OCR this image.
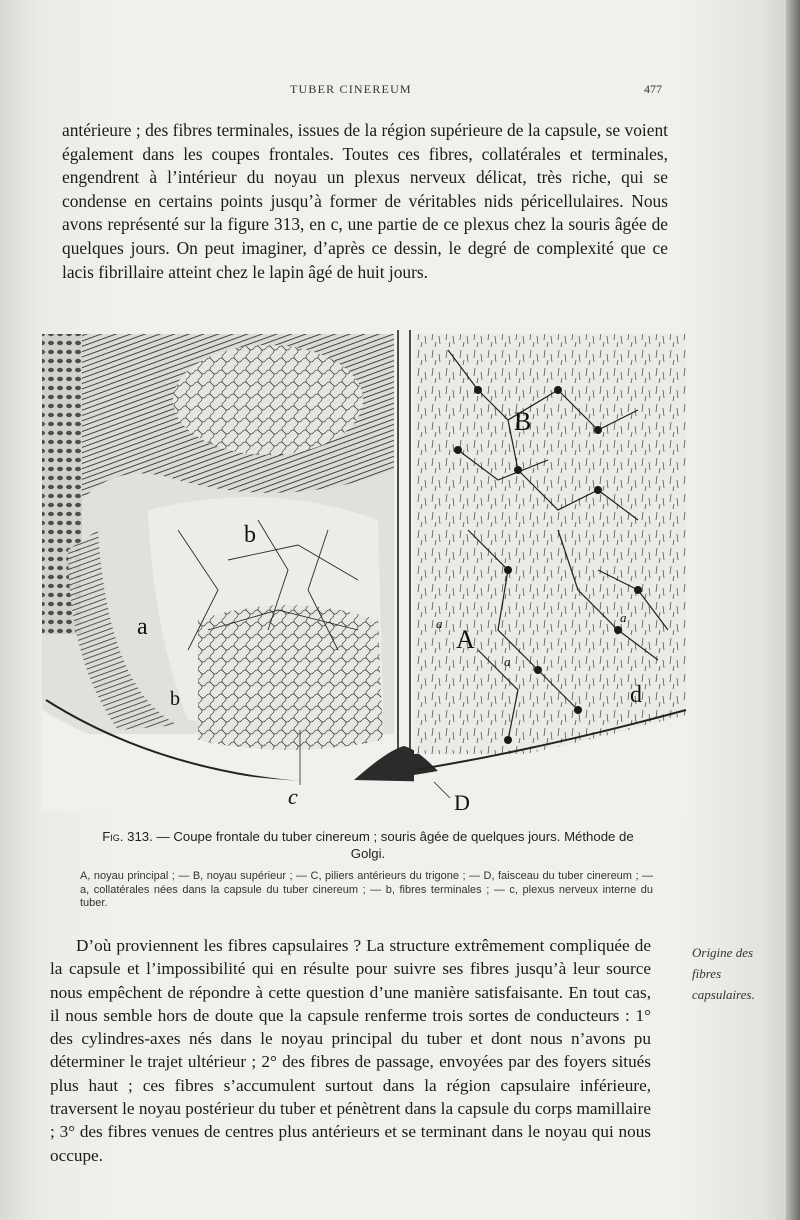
TUBER CINEREUM	477

antérieure ; des fibres terminales, issues de la région supérieure de la capsule, se voient également dans les coupes frontales. Toutes ces fibres, collatérales et terminales, engendrent à l’intérieur du noyau un plexus nerveux délicat, très riche, qui se condense en certains points jusqu’à former de véritables nids péricellulaires. Nous avons représenté sur la figure 313, en c, une partie de ce plexus chez la souris âgée de quelques jours. On peut imaginer, d’après ce dessin, le degré de complexité que ce lacis fibrillaire atteint chez le lapin âgé de huit jours.

B
A
b
a
b
c	D
a	a
a
d
Fig. 313. — Coupe frontale du tuber cinereum ; souris âgée de quelques jours. Méthode de Golgi.

A, noyau principal ; — B, noyau supérieur ; — C, piliers antérieurs du trigone ; — D, faisceau du tuber cinereum ; — a, collatérales nées dans la capsule du tuber cinereum ; — b, fibres terminales ; — c, plexus nerveux interne du tuber.

D’où proviennent les fibres capsulaires ? La structure extrêmement compliquée de la capsule et l’impossibilité qui en résulte pour suivre ses fibres jusqu’à leur source nous empêchent de répondre à cette question d’une manière satisfaisante. En tout cas, il nous semble hors de doute que la capsule renferme trois sortes de conducteurs : 1° des cylindres-axes nés dans le noyau principal du tuber et dont nous n’avons pu déterminer le trajet ultérieur ; 2° des fibres de passage, envoyées par des foyers situés plus haut ; ces fibres s’accumulent surtout dans la région capsulaire inférieure, traversent le noyau postérieur du tuber et pénètrent dans la capsule du corps mamillaire ; 3° des fibres venues de centres plus antérieurs et se terminant dans le noyau qui nous occupe.

Origine des fibres capsulaires.
